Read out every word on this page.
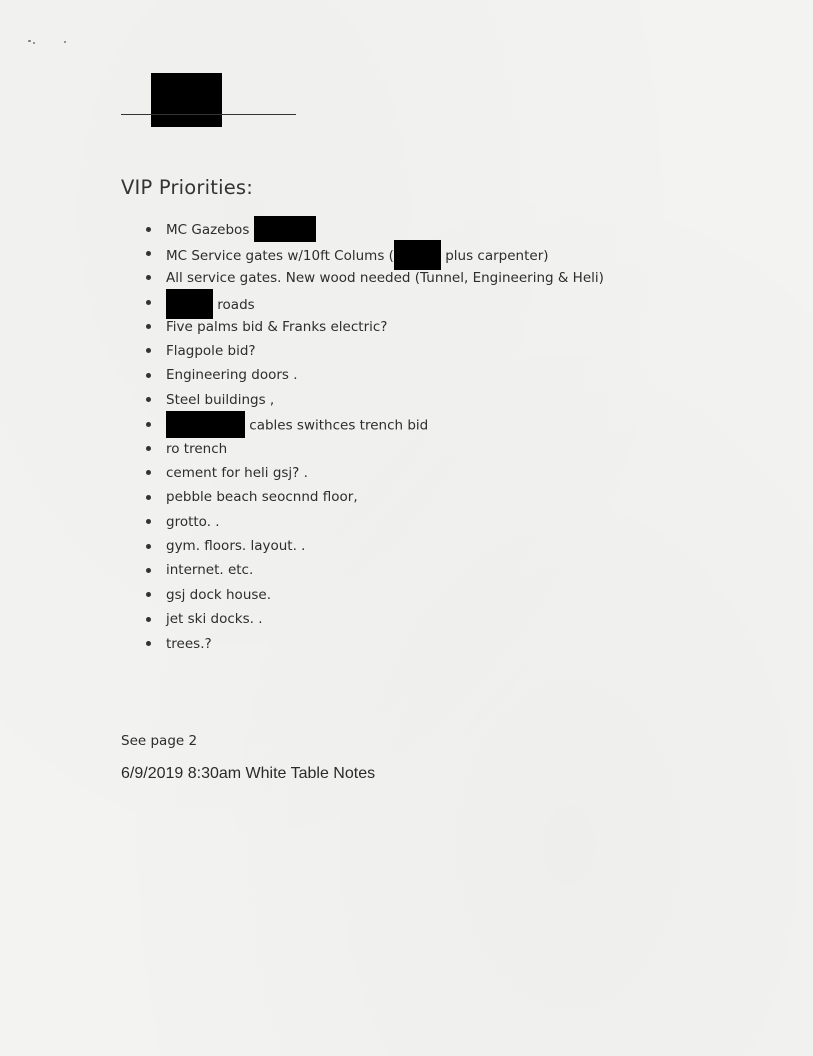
VIP Priorities:
MC Gazebos
MC Service gates w/10ft Colums (	plus carpenter)
All service gates. New wood needed (Tunnel, Engineering & Heli)
roads
Five palms bid & Franks electric?
Flagpole bid?
Engineering doors .
Steel buildings ,
cables swithces trench bid
ro trench
cement for heli gsj? .
pebble beach seocnnd floor,
grotto. .
gym. floors. layout. .
internet. etc.
gsj dock house.
jet ski docks. .
trees.?
See page 2
6/9/2019 8:30am White Table Notes
